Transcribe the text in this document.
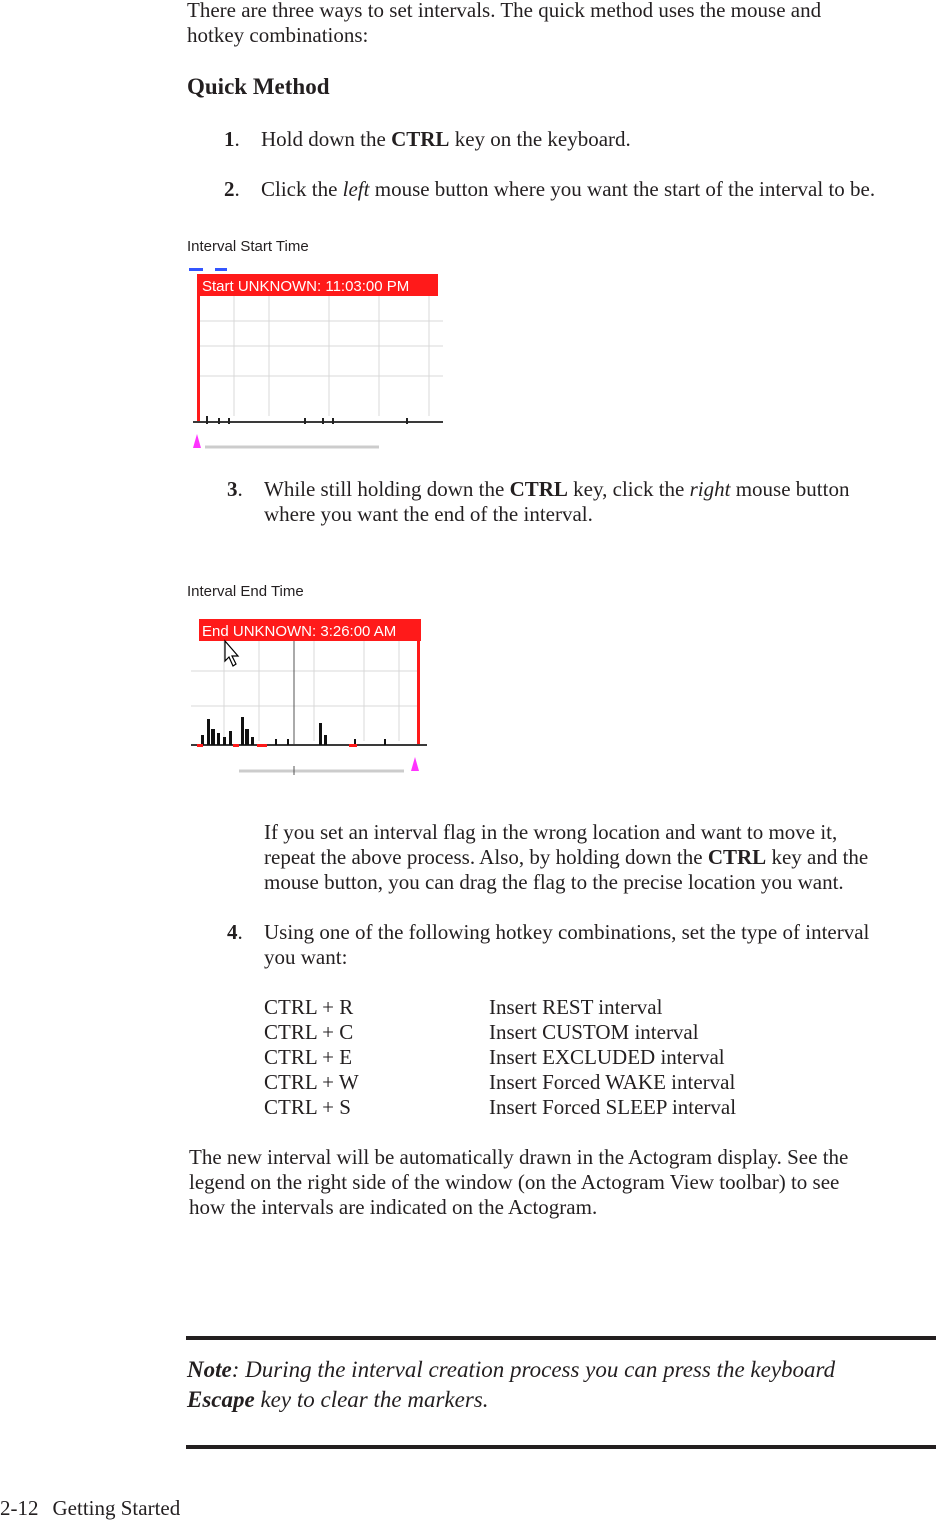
There are three ways to set intervals. The quick method uses the mouse and
hotkey combinations:
Quick Method
1. Hold down the CTRL key on the keyboard.
2. Click the left mouse button where you want the start of the interval to be.
Interval Start Time
Start UNKNOWN: 11:03:00 PM
3. While still holding down the CTRL key, click the right mouse button
where you want the end of the interval.
Interval End Time
End UNKNOWN: 3:26:00 AM
If you set an interval flag in the wrong location and want to move it,
repeat the above process. Also, by holding down the CTRL key and the
mouse button, you can drag the flag to the precise location you want.
4. Using one of the following hotkey combinations, set the type of interval
you want:
CTRL + R	Insert REST interval
CTRL + C	Insert CUSTOM interval
CTRL + E	Insert EXCLUDED interval
CTRL + W	Insert Forced WAKE interval
CTRL + S	Insert Forced SLEEP interval
The new interval will be automatically drawn in the Actogram display. See the
legend on the right side of the window (on the Actogram View toolbar) to see
how the intervals are indicated on the Actogram.
Note: During the interval creation process you can press the keyboard
Escape key to clear the markers.
2-12 Getting Started
